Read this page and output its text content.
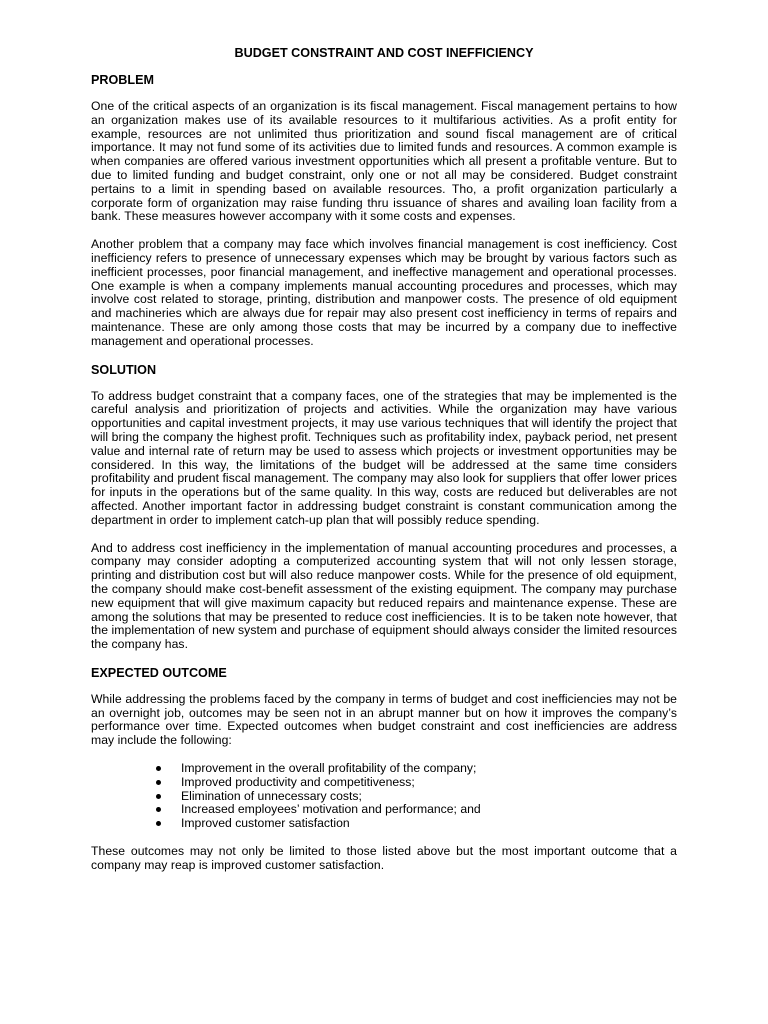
BUDGET CONSTRAINT AND COST INEFFICIENCY
PROBLEM

One of the critical aspects of an organization is its fiscal management. Fiscal management pertains to how an organization makes use of its available resources to it multifarious activities. As a profit entity for example, resources are not unlimited thus prioritization and sound fiscal management are of critical importance. It may not fund some of its activities due to limited funds and resources. A common example is when companies are offered various investment opportunities which all present a profitable venture. But to due to limited funding and budget constraint, only one or not all may be considered. Budget constraint pertains to a limit in spending based on available resources. Tho, a profit organization particularly a corporate form of organization may raise funding thru issuance of shares and availing loan facility from a bank. These measures however accompany with it some costs and expenses.

Another problem that a company may face which involves financial management is cost inefficiency. Cost inefficiency refers to presence of unnecessary expenses which may be brought by various factors such as inefficient processes, poor financial management, and ineffective management and operational processes. One example is when a company implements manual accounting procedures and processes, which may involve cost related to storage, printing, distribution and manpower costs. The presence of old equipment and machineries which are always due for repair may also present cost inefficiency in terms of repairs and maintenance. These are only among those costs that may be incurred by a company due to ineffective management and operational processes.

SOLUTION

To address budget constraint that a company faces, one of the strategies that may be implemented is the careful analysis and prioritization of projects and activities. While the organization may have various opportunities and capital investment projects, it may use various techniques that will identify the project that will bring the company the highest profit. Techniques such as profitability index, payback period, net present value and internal rate of return may be used to assess which projects or investment opportunities may be considered. In this way, the limitations of the budget will be addressed at the same time considers profitability and prudent fiscal management. The company may also look for suppliers that offer lower prices for inputs in the operations but of the same quality. In this way, costs are reduced but deliverables are not affected. Another important factor in addressing budget constraint is constant communication among the department in order to implement catch-up plan that will possibly reduce spending.

And to address cost inefficiency in the implementation of manual accounting procedures and processes, a company may consider adopting a computerized accounting system that will not only lessen storage, printing and distribution cost but will also reduce manpower costs. While for the presence of old equipment, the company should make cost-benefit assessment of the existing equipment. The company may purchase new equipment that will give maximum capacity but reduced repairs and maintenance expense. These are among the solutions that may be presented to reduce cost inefficiencies. It is to be taken note however, that the implementation of new system and purchase of equipment should always consider the limited resources the company has.

EXPECTED OUTCOME

While addressing the problems faced by the company in terms of budget and cost inefficiencies may not be an overnight job, outcomes may be seen not in an abrupt manner but on how it improves the company’s performance over time. Expected outcomes when budget constraint and cost inefficiencies are address may include the following:

Improvement in the overall profitability of the company;
Improved productivity and competitiveness;
Elimination of unnecessary costs;
Increased employees’ motivation and performance; and
Improved customer satisfaction

These outcomes may not only be limited to those listed above but the most important outcome that a company may reap is improved customer satisfaction.
